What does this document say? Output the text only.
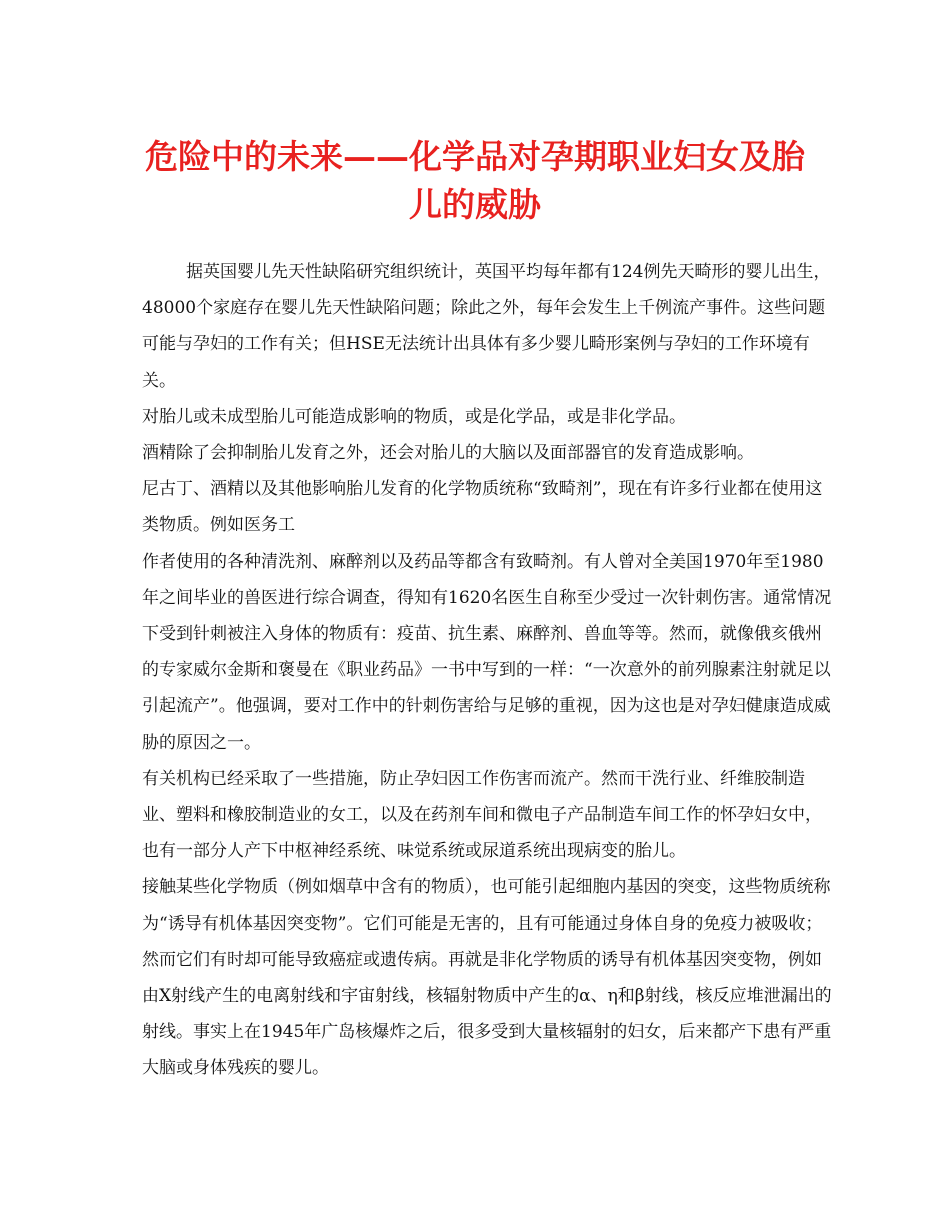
危险中的未来——化学品对孕期职业妇女及胎儿的威胁

据英国婴儿先天性缺陷研究组织统计，英国平均每年都有124例先天畸形的婴儿出生，48000个家庭存在婴儿先天性缺陷问题；除此之外，每年会发生上千例流产事件。这些问题可能与孕妇的工作有关；但HSE无法统计出具体有多少婴儿畸形案例与孕妇的工作环境有关。

对胎儿或未成型胎儿可能造成影响的物质，或是化学品，或是非化学品。

酒精除了会抑制胎儿发育之外，还会对胎儿的大脑以及面部器官的发育造成影响。

尼古丁、酒精以及其他影响胎儿发育的化学物质统称“致畸剂”，现在有许多行业都在使用这类物质。例如医务工

作者使用的各种清洗剂、麻醉剂以及药品等都含有致畸剂。有人曾对全美国1970年至1980年之间毕业的兽医进行综合调查，得知有1620名医生自称至少受过一次针刺伤害。通常情况下受到针刺被注入身体的物质有：疫苗、抗生素、麻醉剂、兽血等等。然而，就像俄亥俄州的专家威尔金斯和褒曼在《职业药品》一书中写到的一样：“一次意外的前列腺素注射就足以引起流产”。他强调，要对工作中的针刺伤害给与足够的重视，因为这也是对孕妇健康造成威胁的原因之一。

有关机构已经采取了一些措施，防止孕妇因工作伤害而流产。然而干洗行业、纤维胶制造业、塑料和橡胶制造业的女工，以及在药剂车间和微电子产品制造车间工作的怀孕妇女中，也有一部分人产下中枢神经系统、味觉系统或尿道系统出现病变的胎儿。

接触某些化学物质（例如烟草中含有的物质），也可能引起细胞内基因的突变，这些物质统称为“诱导有机体基因突变物”。它们可能是无害的，且有可能通过身体自身的免疫力被吸收；然而它们有时却可能导致癌症或遗传病。再就是非化学物质的诱导有机体基因突变物，例如由X射线产生的电离射线和宇宙射线，核辐射物质中产生的α、η和β射线，核反应堆泄漏出的射线。事实上在1945年广岛核爆炸之后，很多受到大量核辐射的妇女，后来都产下患有严重大脑或身体残疾的婴儿。
